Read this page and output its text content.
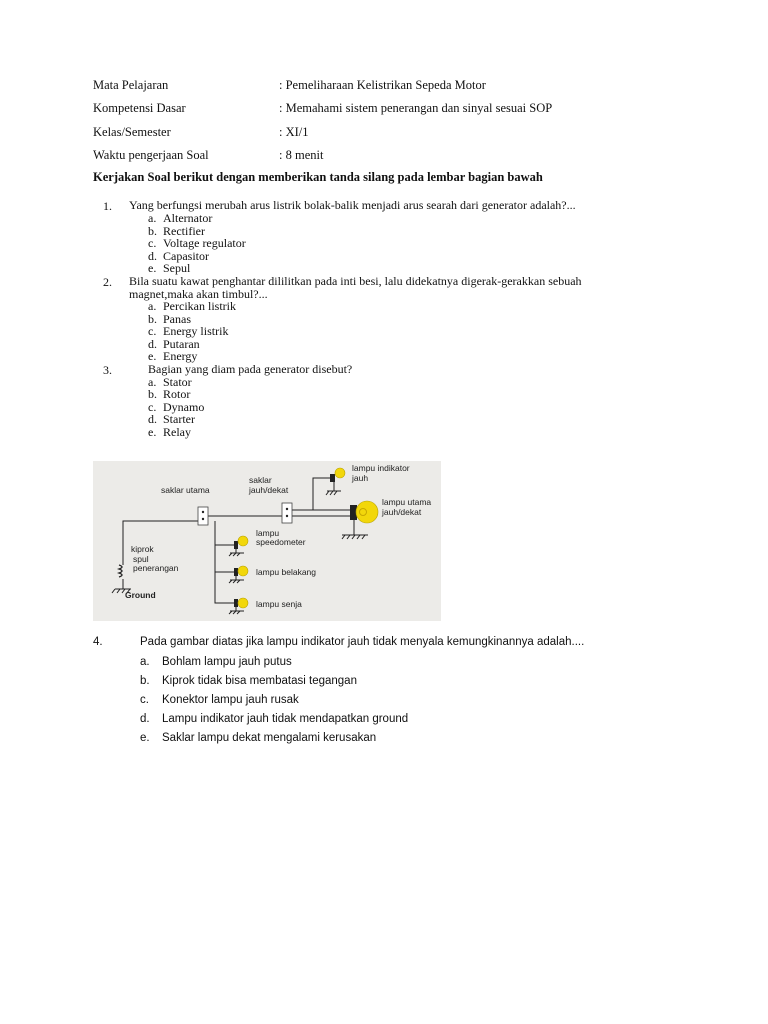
Mata Pelajaran	: Pemeliharaan Kelistrikan Sepeda Motor
Kompetensi Dasar	: Memahami sistem penerangan dan sinyal sesuai SOP
Kelas/Semester	: XI/1
Waktu pengerjaan Soal	: 8 menit
Kerjakan Soal berikut dengan memberikan tanda silang pada lembar bagian bawah
1. Yang berfungsi merubah arus listrik bolak-balik menjadi arus searah dari generator adalah?...
a. Alternator
b. Rectifier
c. Voltage regulator
d. Capasitor
e. Sepul
2. Bila suatu kawat penghantar dililitkan pada inti besi, lalu didekatnya digerak-gerakkan sebuah
magnet,maka akan timbul?...
a. Percikan listrik
b. Panas
c. Energy listrik
d. Putaran
e. Energy
3.	Bagian yang diam pada generator disebut?
a. Stator
b. Rotor
c. Dynamo
d. Starter
e. Relay
saklar utama
saklar
jauh/dekat
lampu indikator
jauh
lampu utama
jauh/dekat
kiprok
spul
penerangan
Ground
lampu
speedometer
lampu belakang
lampu senja
4.	Pada gambar diatas jika lampu indikator jauh tidak menyala kemungkinannya adalah....
a. Bohlam lampu jauh putus
b. Kiprok tidak bisa membatasi tegangan
c. Konektor lampu jauh rusak
d. Lampu indikator jauh tidak mendapatkan ground
e. Saklar lampu dekat mengalami kerusakan
